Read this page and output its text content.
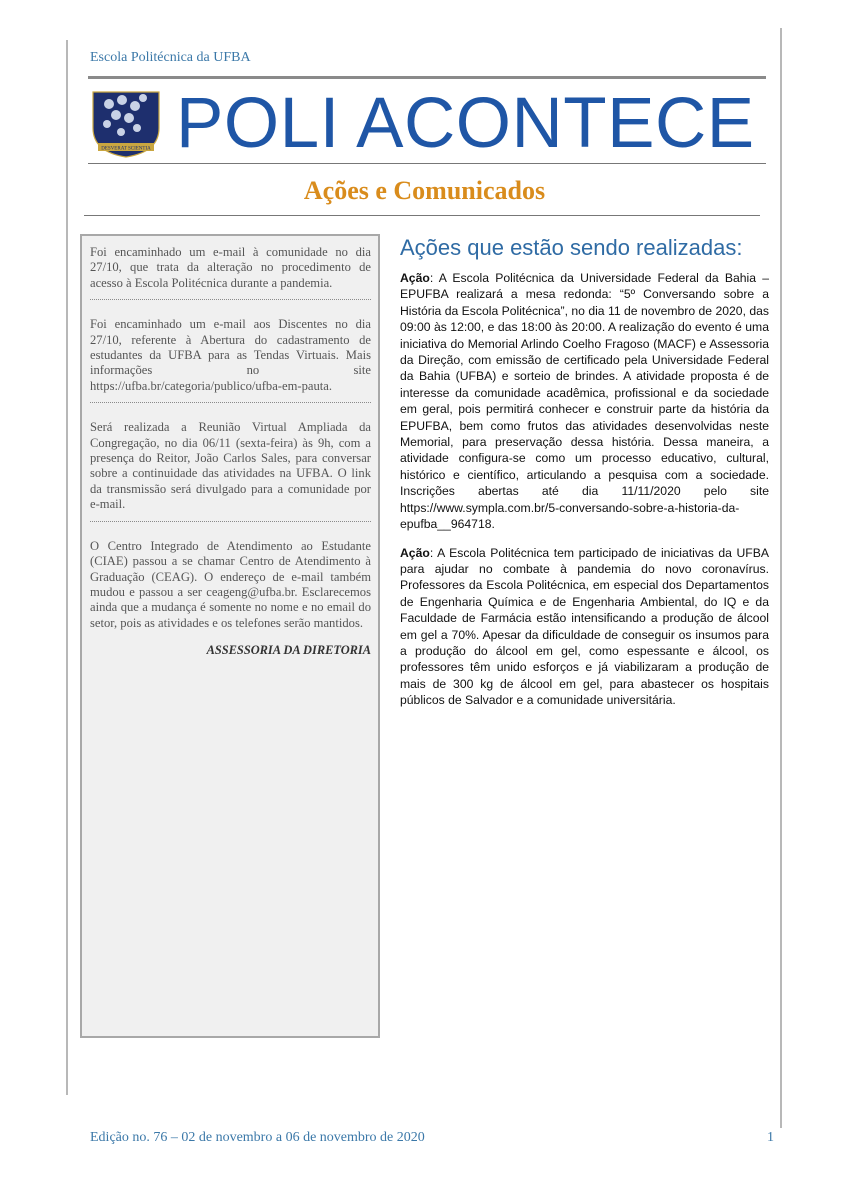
Escola Politécnica da UFBA
DESVERAT SCIENTIA POLI ACONTECE
Ações e Comunicados
Foi encaminhado um e-mail à comunidade no dia 27/10, que trata da alteração no procedimento de acesso à Escola Politécnica durante a pandemia.
Foi encaminhado um e-mail aos Discentes no dia 27/10, referente à Abertura do cadastramento de estudantes da UFBA para as Tendas Virtuais. Mais informações no site https://ufba.br/categoria/publico/ufba-em-pauta.
Será realizada a Reunião Virtual Ampliada da Congregação, no dia 06/11 (sexta-feira) às 9h, com a presença do Reitor, João Carlos Sales, para conversar sobre a continuidade das atividades na UFBA. O link da transmissão será divulgado para a comunidade por e-mail.
O Centro Integrado de Atendimento ao Estudante (CIAE) passou a se chamar Centro de Atendimento à Graduação (CEAG). O endereço de e-mail também mudou e passou a ser ceageng@ufba.br. Esclarecemos ainda que a mudança é somente no nome e no email do setor, pois as atividades e os telefones serão mantidos.
ASSESSORIA DA DIRETORIA
Ações que estão sendo realizadas:

Ação: A Escola Politécnica da Universidade Federal da Bahia – EPUFBA realizará a mesa redonda: “5º Conversando sobre a História da Escola Politécnica”, no dia 11 de novembro de 2020, das 09:00 às 12:00, e das 18:00 às 20:00. A realização do evento é uma iniciativa do Memorial Arlindo Coelho Fragoso (MACF) e Assessoria da Direção, com emissão de certificado pela Universidade Federal da Bahia (UFBA) e sorteio de brindes. A atividade proposta é de interesse da comunidade acadêmica, profissional e da sociedade em geral, pois permitirá conhecer e construir parte da história da EPUFBA, bem como frutos das atividades desenvolvidas neste Memorial, para preservação dessa história. Dessa maneira, a atividade configura-se como um processo educativo, cultural, histórico e científico, articulando a pesquisa com a sociedade. Inscrições abertas até dia 11/11/2020 pelo site https://www.sympla.com.br/5-conversando-sobre-a-historia-da-epufba__964718.

Ação: A Escola Politécnica tem participado de iniciativas da UFBA para ajudar no combate à pandemia do novo coronavírus. Professores da Escola Politécnica, em especial dos Departamentos de Engenharia Química e de Engenharia Ambiental, do IQ e da Faculdade de Farmácia estão intensificando a produção de álcool em gel a 70%. Apesar da dificuldade de conseguir os insumos para a produção do álcool em gel, como espessante e álcool, os professores têm unido esforços e já viabilizaram a produção de mais de 300 kg de álcool em gel, para abastecer os hospitais públicos de Salvador e a comunidade universitária.

Edição no. 76 – 02 de novembro a 06 de novembro de 2020	1
